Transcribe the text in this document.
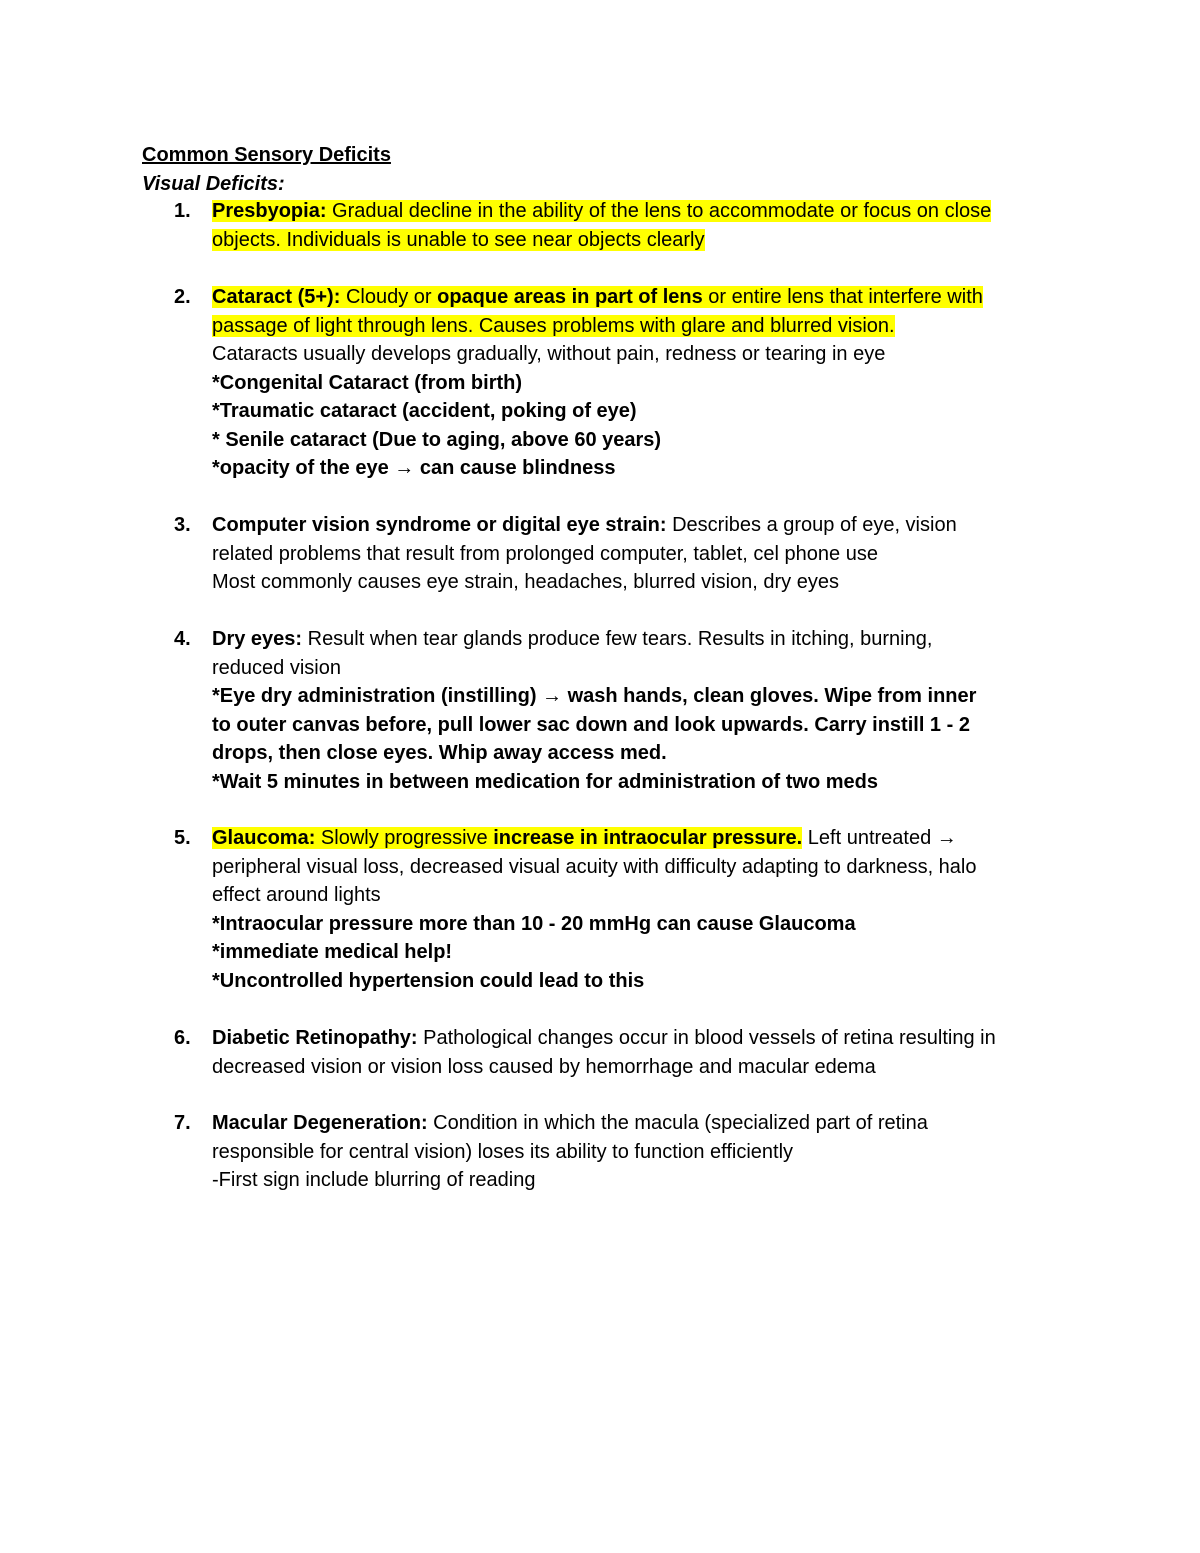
Common Sensory Deficits
Visual Deficits:
1. Presbyopia: Gradual decline in the ability of the lens to accommodate or focus on close
objects. Individuals is unable to see near objects clearly
2. Cataract (5+): Cloudy or opaque areas in part of lens or entire lens that interfere with
passage of light through lens. Causes problems with glare and blurred vision.
Cataracts usually develops gradually, without pain, redness or tearing in eye
*Congenital Cataract (from birth)
*Traumatic cataract (accident, poking of eye)
* Senile cataract (Due to aging, above 60 years)
*opacity of the eye → can cause blindness
3. Computer vision syndrome or digital eye strain: Describes a group of eye, vision
related problems that result from prolonged computer, tablet, cel phone use
Most commonly causes eye strain, headaches, blurred vision, dry eyes
4. Dry eyes: Result when tear glands produce few tears. Results in itching, burning,
reduced vision
*Eye dry administration (instilling) → wash hands, clean gloves. Wipe from inner
to outer canvas before, pull lower sac down and look upwards. Carry instill 1 - 2
drops, then close eyes. Whip away access med.
*Wait 5 minutes in between medication for administration of two meds
5. Glaucoma: Slowly progressive increase in intraocular pressure. Left untreated →
peripheral visual loss, decreased visual acuity with difficulty adapting to darkness, halo
effect around lights
*Intraocular pressure more than 10 - 20 mmHg can cause Glaucoma
*immediate medical help!
*Uncontrolled hypertension could lead to this
6. Diabetic Retinopathy: Pathological changes occur in blood vessels of retina resulting in
decreased vision or vision loss caused by hemorrhage and macular edema
7. Macular Degeneration: Condition in which the macula (specialized part of retina
responsible for central vision) loses its ability to function efficiently
-First sign include blurring of reading
